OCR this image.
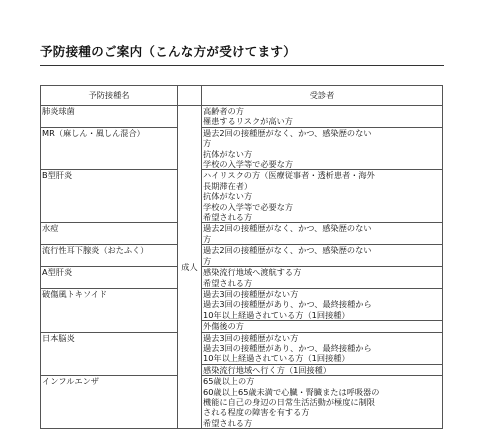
予防接種のご案内（こんな方が受けてます）
予防接種名		受診者
肺炎球菌	成人	高齢者の方
罹患するリスクが高い方

MR（麻しん・風しん混合）		過去2回の接種歴がなく、かつ、感染歴のない
方
抗体がない方
学校の入学等で必要な方

B型肝炎		ハイリスクの方（医療従事者・透析患者・海外
長期滞在者）
抗体がない方
学校の入学等で必要な方
希望される方

水痘		過去2回の接種歴がなく、かつ、感染歴のない
方

流行性耳下腺炎（おたふく）		過去2回の接種歴がなく、かつ、感染歴のない
方

A型肝炎		感染流行地域へ渡航する方
希望される方

破傷風トキソイド		過去3回の接種歴がない方
過去3回の接種歴があり、かつ、最終接種から
10年以上経過されている方（1回接種）
外傷後の方

日本脳炎		過去3回の接種歴がない方
過去3回の接種歴があり、かつ、最終接種から
10年以上経過されている方（1回接種）
感染流行地域へ行く方（1回接種）

インフルエンザ		65歳以上の方
60歳以上65歳未満で心臓・腎臓または呼吸器の
機能に自己の身辺の日常生活活動が極度に制限
される程度の障害を有する方
希望される方
